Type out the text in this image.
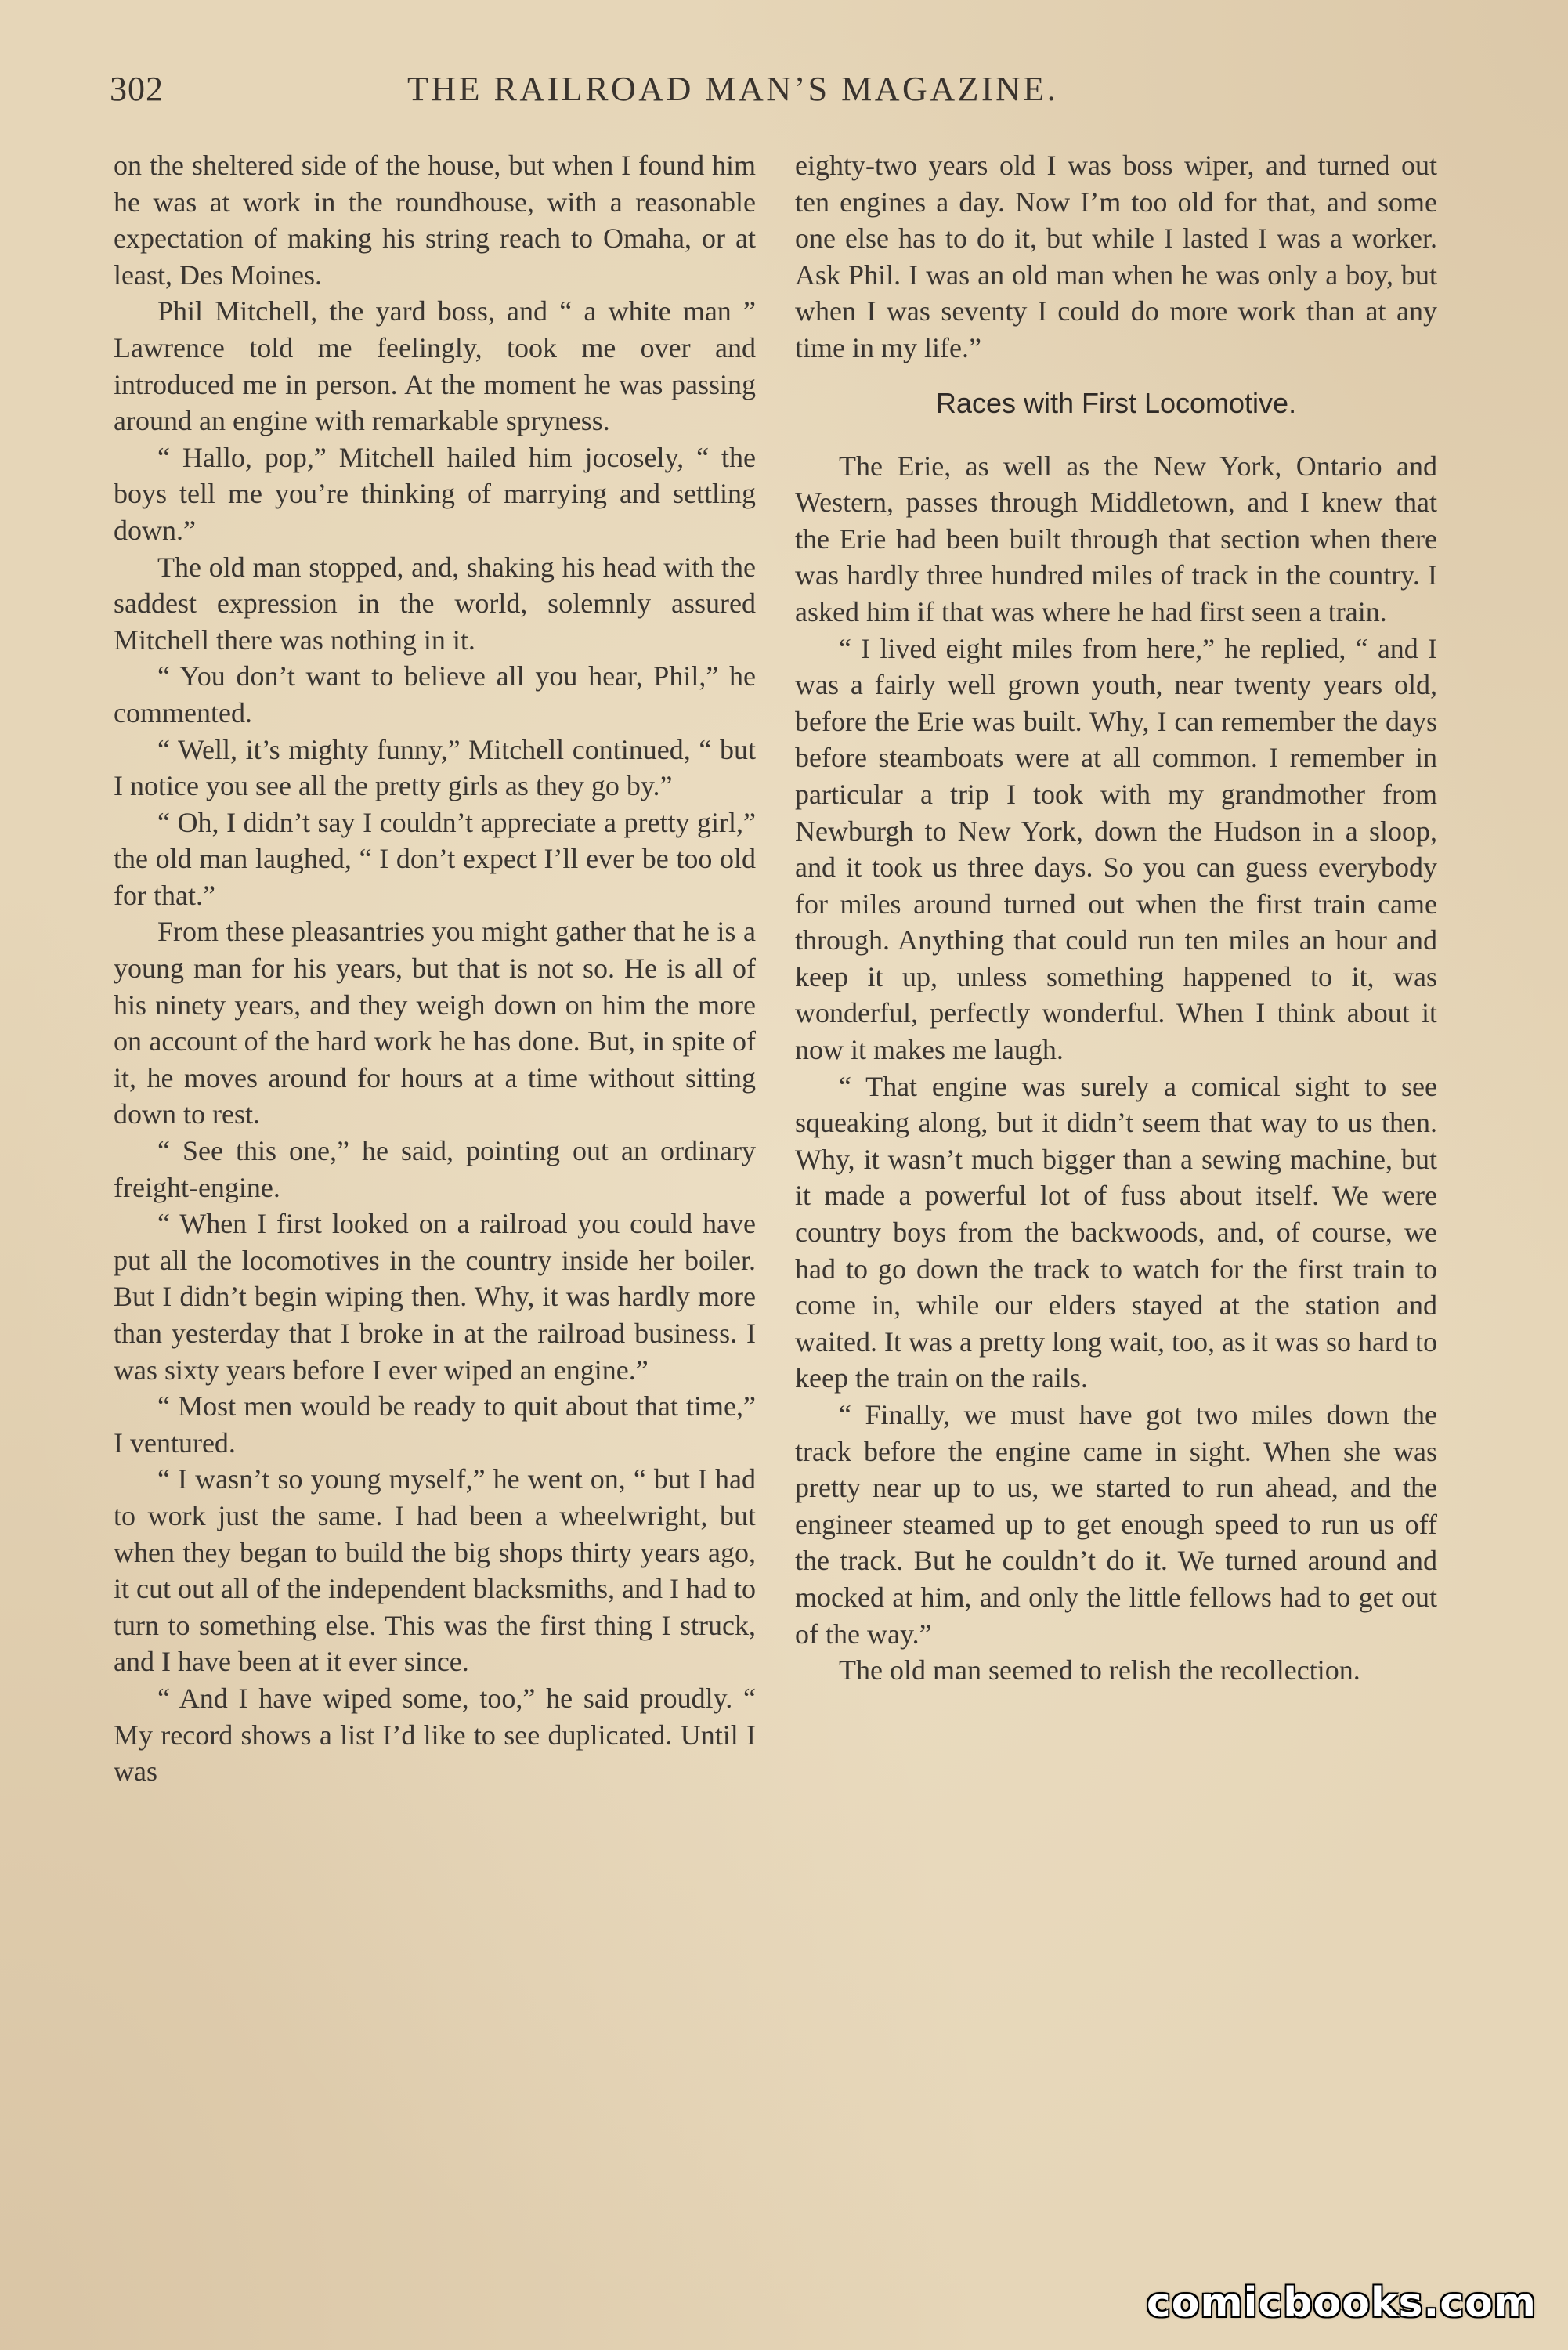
302	THE RAILROAD MAN’S MAGAZINE.

on the sheltered side of the house, but when I found him he was at work in the roundhouse, with a reasonable expectation of making his string reach to Omaha, or at least, Des Moines.

Phil Mitchell, the yard boss, and “ a white man ” Lawrence told me feelingly, took me over and introduced me in person. At the moment he was passing around an engine with remarkable spryness.

“ Hallo, pop,” Mitchell hailed him jocosely, “ the boys tell me you’re thinking of marrying and settling down.”

The old man stopped, and, shaking his head with the saddest expression in the world, solemnly assured Mitchell there was nothing in it.

“ You don’t want to believe all you hear, Phil,” he commented.

“ Well, it’s mighty funny,” Mitchell continued, “ but I notice you see all the pretty girls as they go by.”

“ Oh, I didn’t say I couldn’t appreciate a pretty girl,” the old man laughed, “ I don’t expect I’ll ever be too old for that.”

From these pleasantries you might gather that he is a young man for his years, but that is not so. He is all of his ninety years, and they weigh down on him the more on account of the hard work he has done. But, in spite of it, he moves around for hours at a time without sitting down to rest.

“ See this one,” he said, pointing out an ordinary freight-engine.

“ When I first looked on a railroad you could have put all the locomotives in the country inside her boiler. But I didn’t begin wiping then. Why, it was hardly more than yesterday that I broke in at the railroad business. I was sixty years before I ever wiped an engine.”

“ Most men would be ready to quit about that time,” I ventured.

“ I wasn’t so young myself,” he went on, “ but I had to work just the same. I had been a wheelwright, but when they began to build the big shops thirty years ago, it cut out all of the independent blacksmiths, and I had to turn to something else. This was the first thing I struck, and I have been at it ever since.

“ And I have wiped some, too,” he said proudly. “ My record shows a list I’d like to see duplicated. Until I was

eighty-two years old I was boss wiper, and turned out ten engines a day. Now I’m too old for that, and some one else has to do it, but while I lasted I was a worker. Ask Phil. I was an old man when he was only a boy, but when I was seventy I could do more work than at any time in my life.”

Races with First Locomotive.

The Erie, as well as the New York, Ontario and Western, passes through Middletown, and I knew that the Erie had been built through that section when there was hardly three hundred miles of track in the country. I asked him if that was where he had first seen a train.

“ I lived eight miles from here,” he replied, “ and I was a fairly well grown youth, near twenty years old, before the Erie was built. Why, I can remember the days before steamboats were at all common. I remember in particular a trip I took with my grandmother from Newburgh to New York, down the Hudson in a sloop, and it took us three days. So you can guess everybody for miles around turned out when the first train came through. Anything that could run ten miles an hour and keep it up, unless something happened to it, was wonderful, perfectly wonderful. When I think about it now it makes me laugh.

“ That engine was surely a comical sight to see squeaking along, but it didn’t seem that way to us then. Why, it wasn’t much bigger than a sewing machine, but it made a powerful lot of fuss about itself. We were country boys from the backwoods, and, of course, we had to go down the track to watch for the first train to come in, while our elders stayed at the station and waited. It was a pretty long wait, too, as it was so hard to keep the train on the rails.

“ Finally, we must have got two miles down the track before the engine came in sight. When she was pretty near up to us, we started to run ahead, and the engineer steamed up to get enough speed to run us off the track. But he couldn’t do it. We turned around and mocked at him, and only the little fellows had to get out of the way.”

The old man seemed to relish the recollection.

comicbooks.com
